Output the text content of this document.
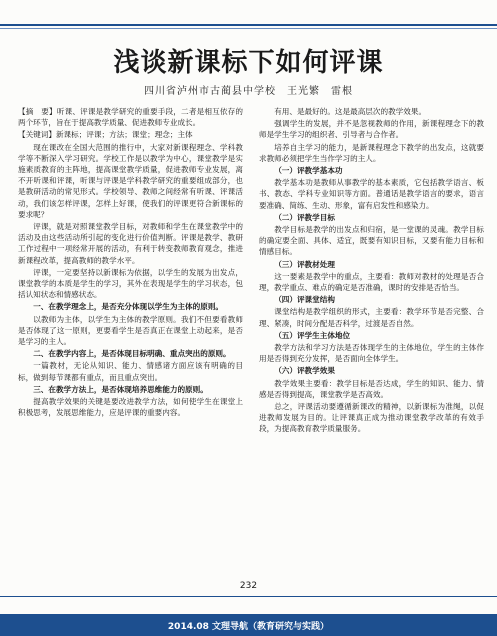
浅谈新课标下如何评课
四川省泸州市古蔺县中学校　王光繁　雷根

【摘　要】听课、评课是教学研究的重要手段，二者是相互依存的两个环节，旨在于提高教学质量、促进教师专业成长。

【关键词】新课标；评课；方法；课堂；理念；主体

现在课改在全国大范围的推行中，大家对新课程理念、学科教学等不断深入学习研究。学校工作是以教学为中心，课堂教学是实施素质教育的主阵地，提高课堂教学质量，促进教师专业发展，离不开听课和评课，听课与评课是学科教学研究的重要组成部分，也是教研活动的常见形式。学校领导、教师之间经常有听课、评课活动，我们该怎样评课，怎样上好课，使我们的评课更符合新课标的要求呢？

评课，就是对照课堂教学目标，对教师和学生在课堂教学中的活动及由这些活动所引起的变化进行价值判断。评课是教学、教研工作过程中一项经常开展的活动，有利于转变教师教育观念，推进新课程改革，提高教师的教学水平。

评课，一定要坚持以新课标为依据，以学生的发展为出发点，课堂教学的本质是学生的学习，其外在表现是学生的学习状态，包括认知状态和情感状态。

一、在教学理念上，是否充分体现以学生为主体的原则。

以教师为主体，以学生为主体的教学原则。我们不但要看教师是否体现了这一原则，更要看学生是否真正在课堂上动起来，是否是学习的主人。

二、在教学内容上，是否体现目标明确、重点突出的原则。

一篇教材，无论从知识、能力、情感诸方面应该有明确的目标，做到每节课都有重点，而且重点突出。

三、在教学方法上，是否体现培养思维能力的原则。

提高教学效果的关键是要改进教学方法，如何使学生在课堂上积极思考，发展思维能力，应是评课的重要内容。

有用、是最好的。这是最高层次的教学效果。

强调学生的发展，并不是忽视教师的作用，新课程理念下的教师是学生学习的组织者、引导者与合作者。

培养自主学习的能力，是新课程理念下教学的出发点，这就要求教师必须把学生当作学习的主人。

（一）评教学基本功

教学基本功是教师从事教学的基本素质，它包括教学语言、板书、教态、学科专业知识等方面。普通话是教学语言的要求，语言要准确、简练、生动、形象，富有启发性和感染力。

（二）评教学目标

教学目标是教学的出发点和归宿，是一堂课的灵魂。教学目标的确定要全面、具体、适宜，既要有知识目标，又要有能力目标和情感目标。

（三）评教材处理

这一要素是教学中的重点，主要看：教师对教材的处理是否合理，教学重点、难点的确定是否准确，课时的安排是否恰当。

（四）评课堂结构

课堂结构是教学组织的形式，主要看：教学环节是否完整、合理、紧凑，时间分配是否科学，过渡是否自然。

（五）评学生主体地位

教学方法和学习方法是否体现学生的主体地位，学生的主体作用是否得到充分发挥，是否面向全体学生。

（六）评教学效果

教学效果主要看：教学目标是否达成，学生的知识、能力、情感是否得到提高，课堂教学是否高效。

总之，评课活动要遵循新课改的精神，以新课标为准绳，以促进教师发展为目的。让评课真正成为推动课堂教学改革的有效手段，为提高教育教学质量服务。

232
2014.08 文理导航（教育研究与实践）
